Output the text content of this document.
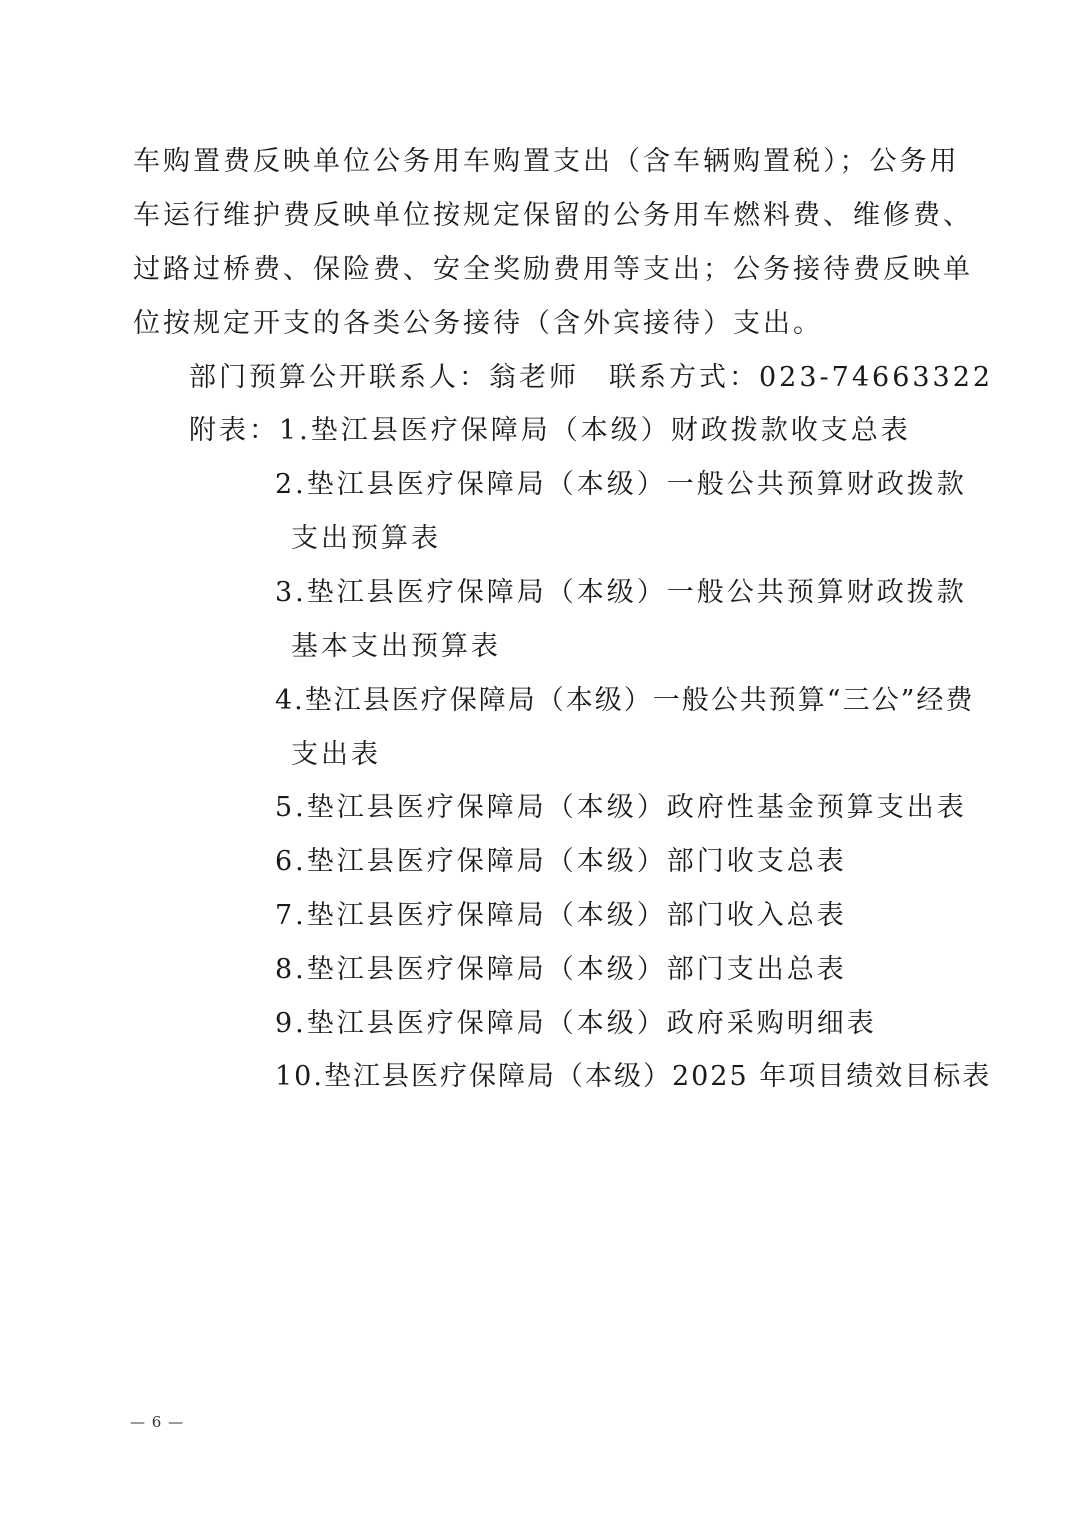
车购置费反映单位公务用车购置支出（含车辆购置税）；公务用
车运行维护费反映单位按规定保留的公务用车燃料费、维修费、
过路过桥费、保险费、安全奖励费用等支出；公务接待费反映单
位按规定开支的各类公务接待（含外宾接待）支出。
部门预算公开联系人：翁老师　联系方式：023-74663322
附表：1.垫江县医疗保障局（本级）财政拨款收支总表
2.垫江县医疗保障局（本级）一般公共预算财政拨款
支出预算表
3.垫江县医疗保障局（本级）一般公共预算财政拨款
基本支出预算表
4.垫江县医疗保障局（本级）一般公共预算“三公”经费
支出表
5.垫江县医疗保障局（本级）政府性基金预算支出表
6.垫江县医疗保障局（本级）部门收支总表
7.垫江县医疗保障局（本级）部门收入总表
8.垫江县医疗保障局（本级）部门支出总表
9.垫江县医疗保障局（本级）政府采购明细表
10.垫江县医疗保障局（本级）2025 年项目绩效目标表
— 6 —
